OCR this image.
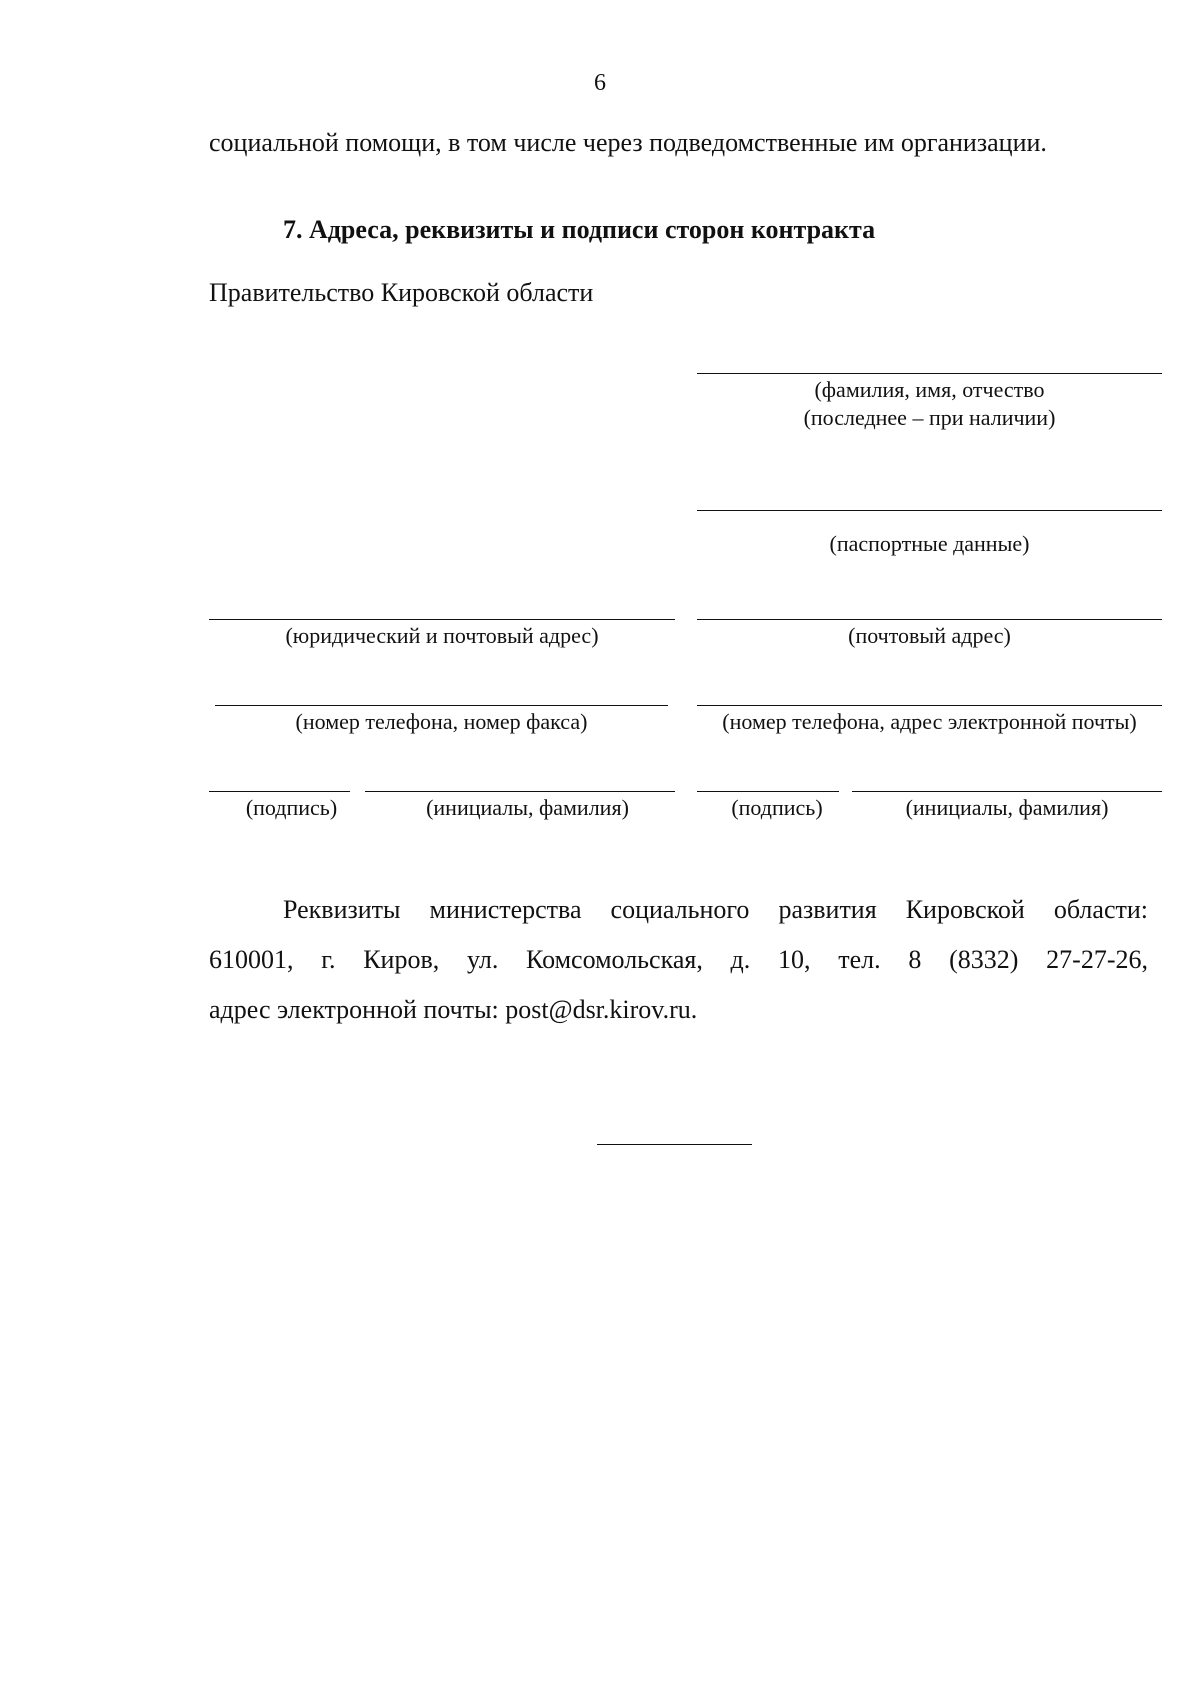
6
социальной помощи, в том числе через подведомственные им организации.
7. Адреса, реквизиты и подписи сторон контракта
Правительство Кировской области
(фамилия, имя, отчество
(последнее – при наличии)
(паспортные данные)
(юридический и почтовый адрес)	(почтовый адрес)
(номер телефона, номер факса)	(номер телефона, адрес электронной почты)
(подпись)	(инициалы, фамилия)	(подпись)	(инициалы, фамилия)
Реквизиты министерства социального развития Кировской области:
610001, г. Киров, ул. Комсомольская, д. 10, тел. 8 (8332) 27-27-26,
адрес электронной почты: post@dsr.kirov.ru.
